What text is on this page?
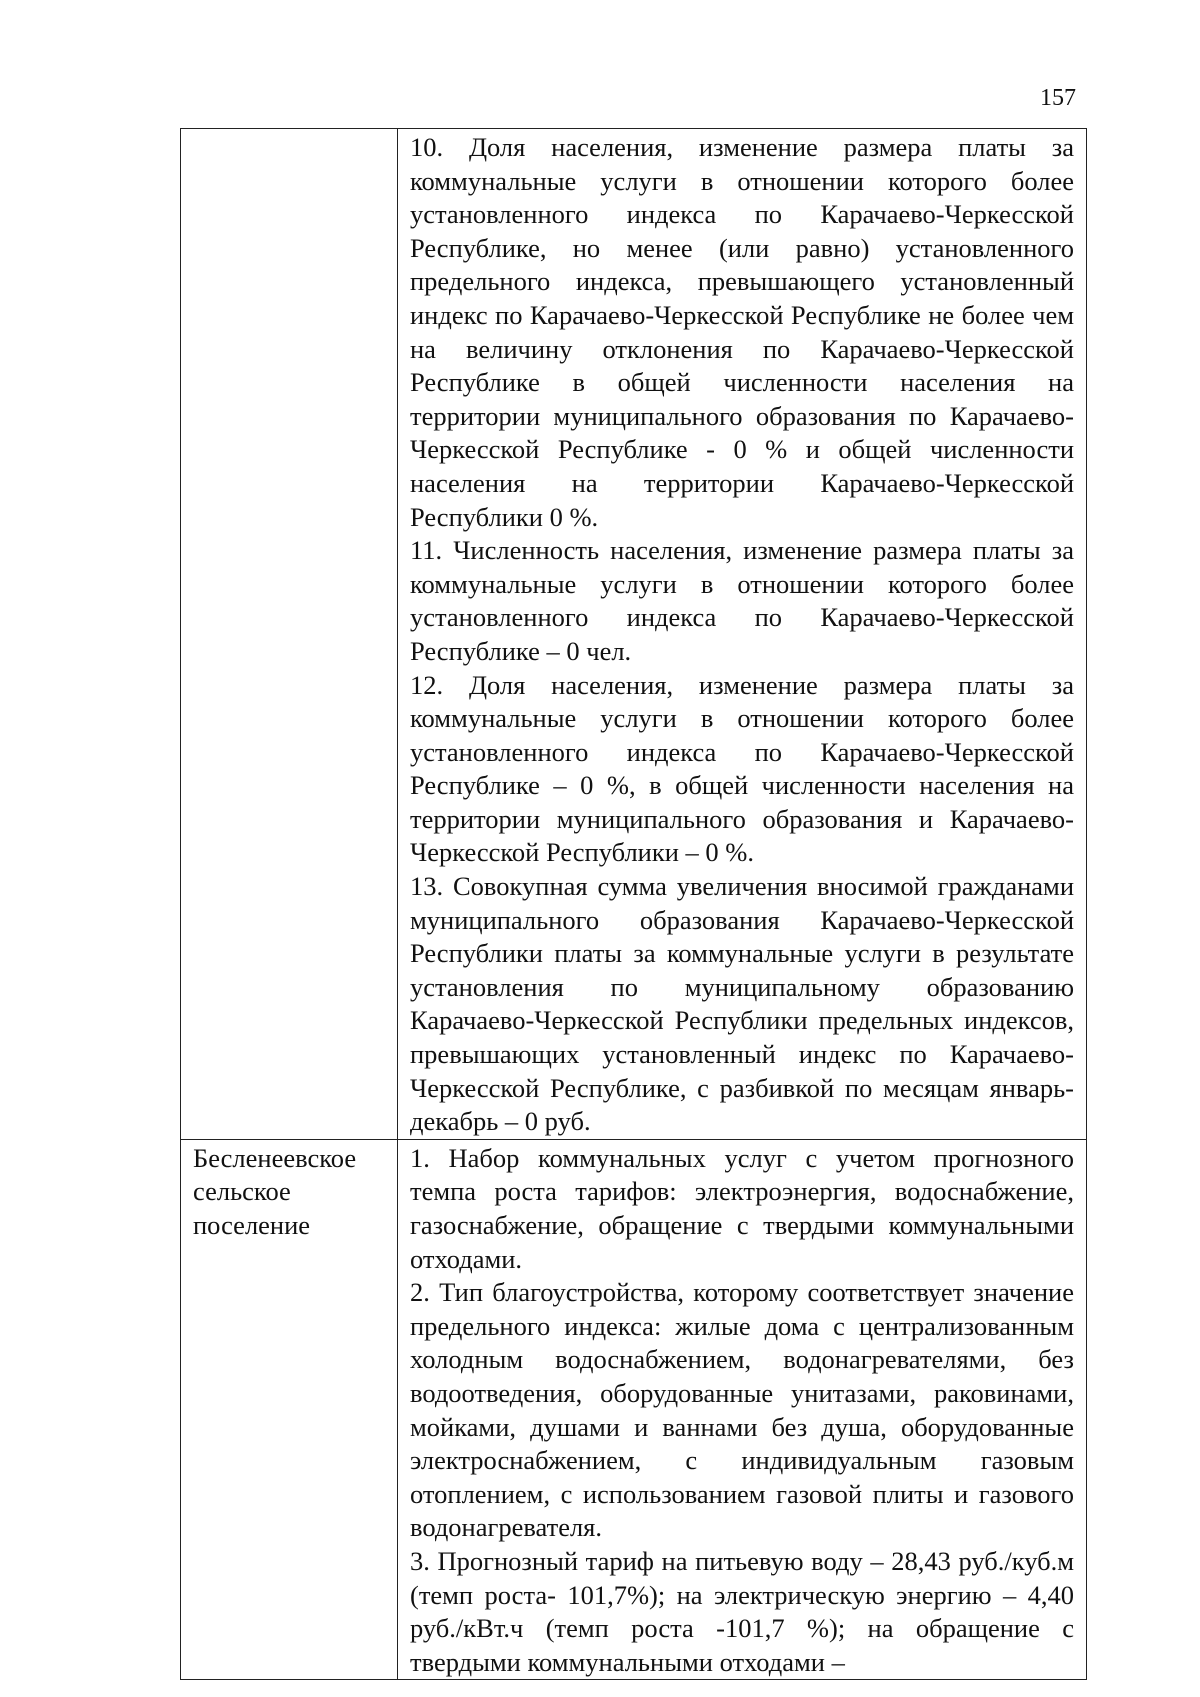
157

	10. Доля населения, изменение размера платы за коммунальные услуги в отношении которого более установленного индекса по Карачаево-Черкесской Республике, но менее (или равно) установленного предельного индекса, превышающего установленный индекс по Карачаево-Черкесской Республике не более чем на величину отклонения по Карачаево-Черкесской Республике в общей численности населения на территории муниципального образования по Карачаево-Черкесской Республике - 0 % и общей численности населения на территории Карачаево-Черкесской Республики 0 %.
11. Численность населения, изменение размера платы за коммунальные услуги в отношении которого более установленного индекса по Карачаево-Черкесской Республике – 0 чел.
12. Доля населения, изменение размера платы за коммунальные услуги в отношении которого более установленного индекса по Карачаево-Черкесской Республике – 0 %, в общей численности населения на территории муниципального образования и Карачаево-Черкесской Республики – 0 %.
13. Совокупная сумма увеличения вносимой гражданами муниципального образования Карачаево-Черкесской Республики платы за коммунальные услуги в результате установления по муниципальному образованию Карачаево-Черкесской Республики предельных индексов, превышающих установленный индекс по Карачаево-Черкесской Республике, с разбивкой по месяцам январь-декабрь – 0 руб.

Бесленеевское сельское поселение	1. Набор коммунальных услуг с учетом прогнозного темпа роста тарифов: электроэнергия, водоснабжение, газоснабжение, обращение с твердыми коммунальными отходами.
2. Тип благоустройства, которому соответствует значение предельного индекса: жилые дома с централизованным холодным водоснабжением, водонагревателями, без водоотведения, оборудованные унитазами, раковинами, мойками, душами и ваннами без душа, оборудованные электроснабжением, с индивидуальным газовым отоплением, с использованием газовой плиты и газового водонагревателя.
3. Прогнозный тариф на питьевую воду – 28,43 руб./куб.м (темп роста- 101,7%); на электрическую энергию – 4,40 руб./кВт.ч (темп роста -101,7 %); на обращение с твердыми коммунальными отходами –
